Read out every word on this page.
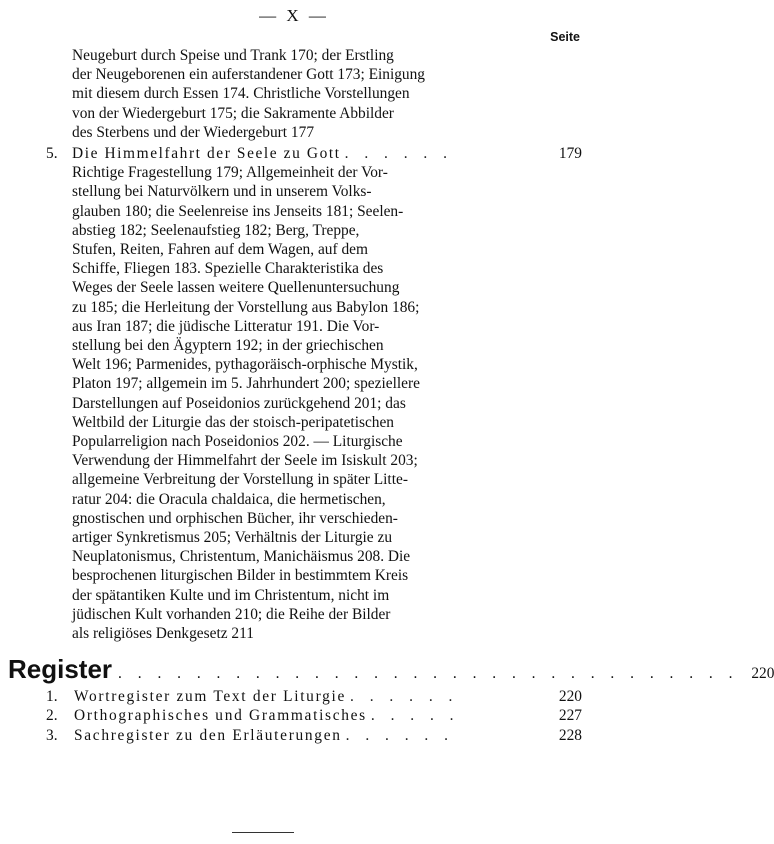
— X —
Seite
Neugeburt durch Speise und Trank 170; der Erstling
der Neugeborenen ein auferstandener Gott 173; Einigung
mit diesem durch Essen 174. Christliche Vorstellungen
von der Wiedergeburt 175; die Sakramente Abbilder
des Sterbens und der Wiedergeburt 177
5. Die Himmelfahrt der Seele zu Gott . . . . . .	179
Richtige Fragestellung 179; Allgemeinheit der Vor-
stellung bei Naturvölkern und in unserem Volks-
glauben 180; die Seelenreise ins Jenseits 181; Seelen-
abstieg 182; Seelenaufstieg 182; Berg, Treppe,
Stufen, Reiten, Fahren auf dem Wagen, auf dem
Schiffe, Fliegen 183. Spezielle Charakteristika des
Weges der Seele lassen weitere Quellenuntersuchung
zu 185; die Herleitung der Vorstellung aus Babylon 186;
aus Iran 187; die jüdische Litteratur 191. Die Vor-
stellung bei den Ägyptern 192; in der griechischen
Welt 196; Parmenides, pythagoräisch-orphische Mystik,
Platon 197; allgemein im 5. Jahrhundert 200; speziellere
Darstellungen auf Poseidonios zurückgehend 201; das
Weltbild der Liturgie das der stoisch-peripatetischen
Popularreligion nach Poseidonios 202. — Liturgische
Verwendung der Himmelfahrt der Seele im Isiskult 203;
allgemeine Verbreitung der Vorstellung in später Litte-
ratur 204: die Oracula chaldaica, die hermetischen,
gnostischen und orphischen Bücher, ihr verschieden-
artiger Synkretismus 205; Verhältnis der Liturgie zu
Neuplatonismus, Christentum, Manichäismus 208. Die
besprochenen liturgischen Bilder in bestimmtem Kreis
der spätantiken Kulte und im Christentum, nicht im
jüdischen Kult vorhanden 210; die Reihe der Bilder
als religiöses Denkgesetz 211
Register . . . . . . . . . . . . . . . . . . . . . . . . . . . . . . . . 220
1.	Wortregister zum Text der Liturgie . . . . . .	220
2.	Orthographisches und Grammatisches . . . . .	227
3.	Sachregister zu den Erläuterungen . . . . . .	228
